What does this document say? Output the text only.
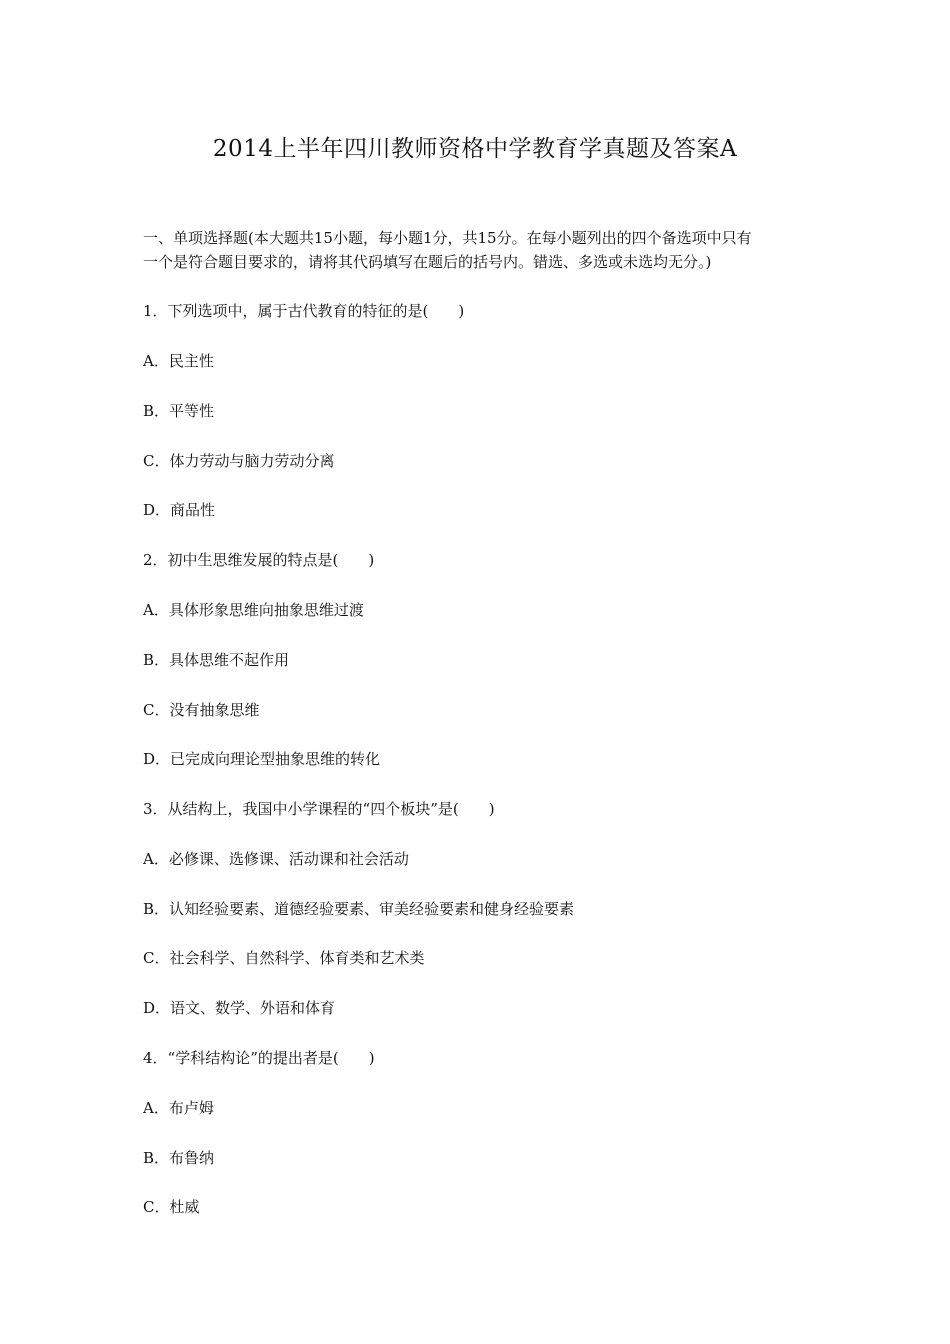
2014上半年四川教师资格中学教育学真题及答案A

一、单项选择题(本大题共15小题，每小题1分，共15分。在每小题列出的四个备选项中只有

一个是符合题目要求的，请将其代码填写在题后的括号内。错选、多选或未选均无分。)

1．下列选项中，属于古代教育的特征的是(　　)
A．民主性
B．平等性
C．体力劳动与脑力劳动分离
D．商品性
2．初中生思维发展的特点是(　　)
A．具体形象思维向抽象思维过渡
B．具体思维不起作用
C．没有抽象思维
D．已完成向理论型抽象思维的转化
3．从结构上，我国中小学课程的“四个板块”是(　　)
A．必修课、选修课、活动课和社会活动
B．认知经验要素、道德经验要素、审美经验要素和健身经验要素
C．社会科学、自然科学、体育类和艺术类
D．语文、数学、外语和体育
4．“学科结构论”的提出者是(　　)
A．布卢姆
B．布鲁纳
C．杜威
